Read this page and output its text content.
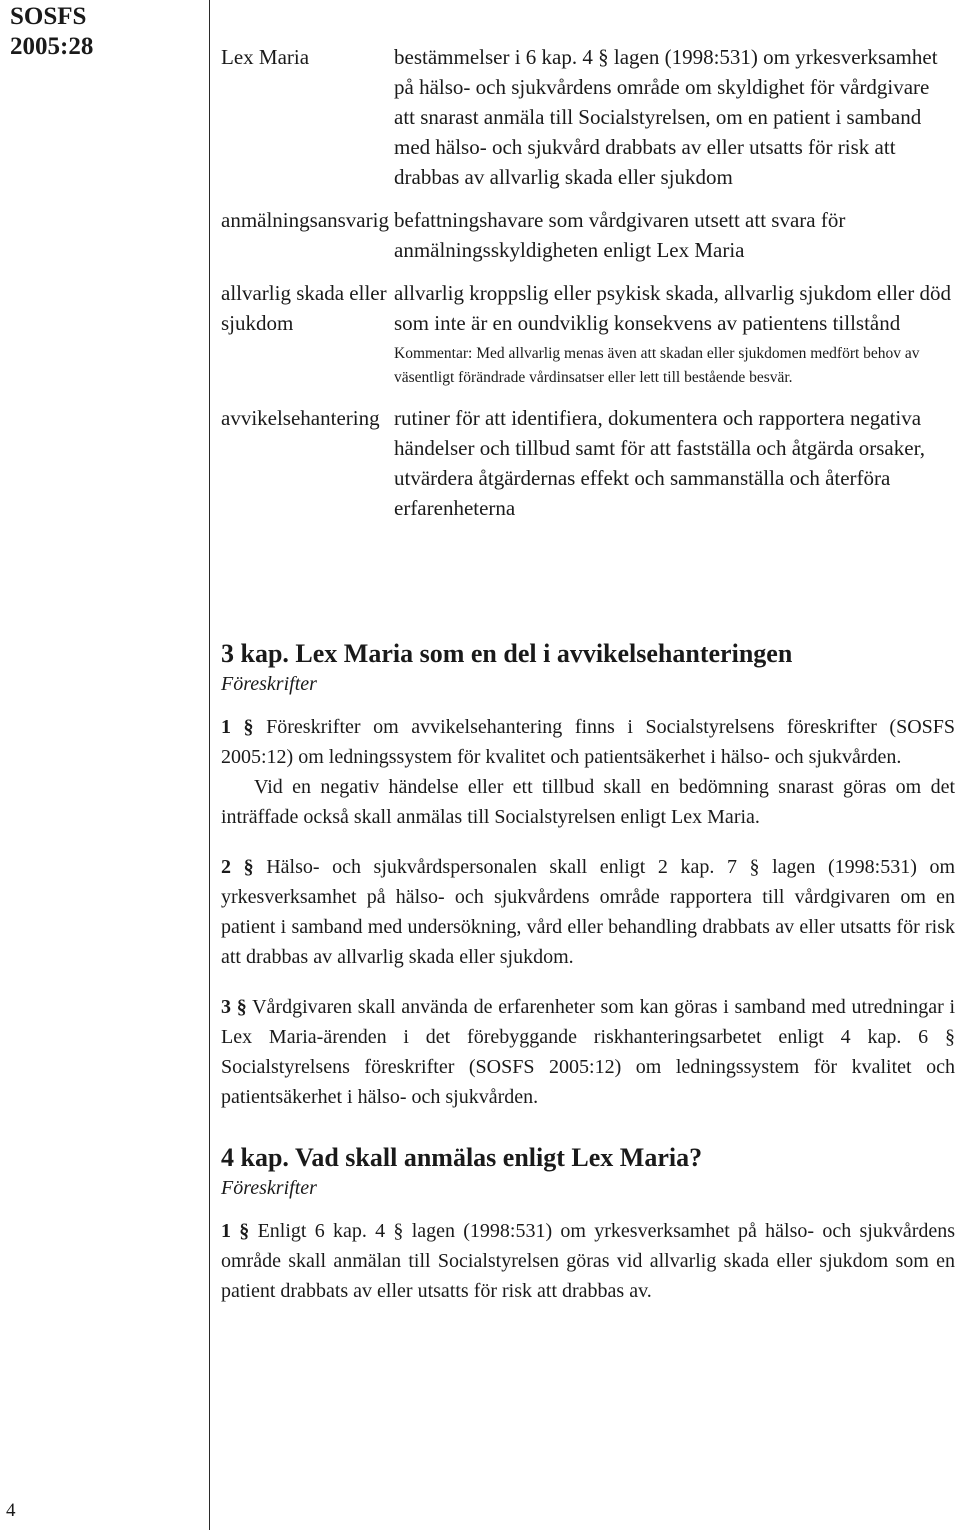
SOSFS
2005:28	Lex Maria	bestämmelser i 6 kap. 4 § lagen (1998:531) om yrkesverksamhet på hälso- och sjukvårdens område om skyldighet för vårdgivare att snarast anmäla till Socialstyrelsen, om en patient i samband med hälso- och sjukvård drabbats av eller utsatts för risk att drabbas av allvarlig skada eller sjukdom
anmälningsansvarig befattningshavare som vårdgivaren utsett att svara för anmälningsskyldigheten enligt Lex Maria
allvarlig skada eller sjukdom
allvarlig kroppslig eller psykisk skada, allvarlig sjukdom eller död som inte är en oundviklig konsekvens av patientens tillstånd
Kommentar: Med allvarlig menas även att skadan eller sjukdomen medfört behov av väsentligt förändrade vårdinsatser eller lett till bestående besvär.
avvikelsehantering rutiner för att identifiera, dokumentera och rapportera negativa händelser och tillbud samt för att fastställa och åtgärda orsaker, utvärdera åtgärdernas effekt och sammanställa och återföra erfarenheterna
3 kap. Lex Maria som en del i avvikelsehanteringen
Föreskrifter

1 § Föreskrifter om avvikelsehantering finns i Socialstyrelsens föreskrifter (SOSFS 2005:12) om ledningssystem för kvalitet och patientsäkerhet i hälso- och sjukvården.

Vid en negativ händelse eller ett tillbud skall en bedömning snarast göras om det inträffade också skall anmälas till Socialstyrelsen enligt Lex Maria.

2 § Hälso- och sjukvårdspersonalen skall enligt 2 kap. 7 § lagen (1998:531) om yrkesverksamhet på hälso- och sjukvårdens område rapportera till vårdgivaren om en patient i samband med undersökning, vård eller behandling drabbats av eller utsatts för risk att drabbas av allvarlig skada eller sjukdom.

3 § Vårdgivaren skall använda de erfarenheter som kan göras i samband med utredningar i Lex Maria-ärenden i det förebyggande riskhanteringsarbetet enligt 4 kap. 6 § Socialstyrelsens föreskrifter (SOSFS 2005:12) om ledningssystem för kvalitet och patientsäkerhet i hälso- och sjukvården.

4 kap. Vad skall anmälas enligt Lex Maria?
Föreskrifter

1 § Enligt 6 kap. 4 § lagen (1998:531) om yrkesverksamhet på hälso- och sjukvårdens område skall anmälan till Socialstyrelsen göras vid allvarlig skada eller sjukdom som en patient drabbats av eller utsatts för risk att drabbas av.

4
